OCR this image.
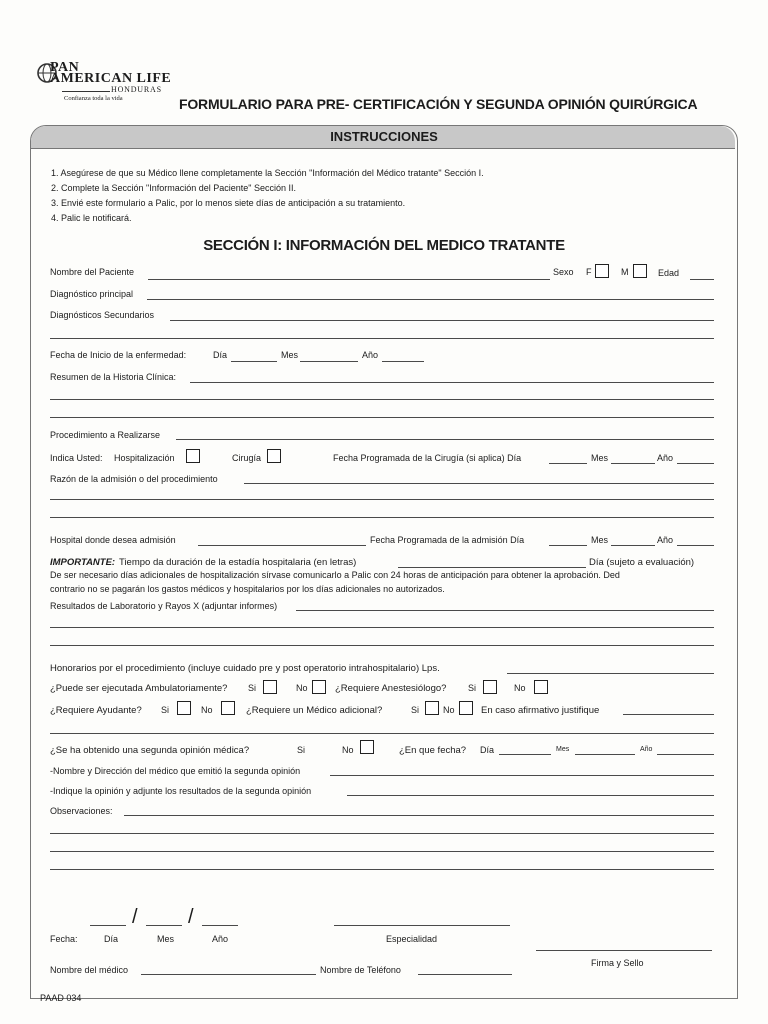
PAN
AMERICAN LIFE
HONDURAS
Confianza toda la vida	FORMULARIO PARA PRE- CERTIFICACIÓN Y SEGUNDA OPINIÓN QUIRÚRGICA
INSTRUCCIONES
1. Asegúrese de que su Médico llene completamente la Sección "Información del Médico tratante" Sección I.
2. Complete la Sección "Información del Paciente" Sección II.
3. Envié este formulario a Palic, por lo menos siete días de anticipación a su tratamiento.
4. Palic le notificará.
SECCIÓN I: INFORMACIÓN DEL MEDICO TRATANTE
Nombre del Paciente	Sexo F	M	Edad
Diagnóstico principal
Diagnósticos Secundarios
Fecha de Inicio de la enfermedad:	Día	Mes	Año
Resumen de la Historia Clínica:
Procedimiento a Realizarse
Indica Usted: Hospitalización	Cirugía	Fecha Programada de la Cirugía (si aplica) Día	Mes	Año
Razón de la admisión o del procedimiento
Hospital donde desea admisión	Fecha Programada de la admisión Día	Mes	Año
IMPORTANTE: Tiempo da duración de la estadía hospitalaria (en letras)	Día (sujeto a evaluación)
De ser necesario días adicionales de hospitalización sírvase comunicarlo a Palic con 24 horas de anticipación para obtener la aprobación. Ded
contrario no se pagarán los gastos médicos y hospitalarios por los días adicionales no autorizados.
Resultados de Laboratorio y Rayos X (adjuntar informes)
Honorarios por el procedimiento (incluye cuidado pre y post operatorio intrahospitalario) Lps.
¿Puede ser ejecutada Ambulatoriamente? Si	No	¿Requiere Anestesiólogo? Si	No
¿Requiere Ayudante? Si	No	¿Requiere un Médico adicional?	Si	No	En caso afirmativo justifique
¿Se ha obtenido una segunda opinión médica?	Si	No	¿En que fecha? Día	Mes	Año
-Nombre y Dirección del médico que emitió la segunda opinión
-Indique la opinión y adjunte los resultados de la segunda opinión
Observaciones:
/	/
Fecha:	Día	Mes	Año	Especialidad
Firma y Sello
Nombre del médico	Nombre de Teléfono
PAAD 034
